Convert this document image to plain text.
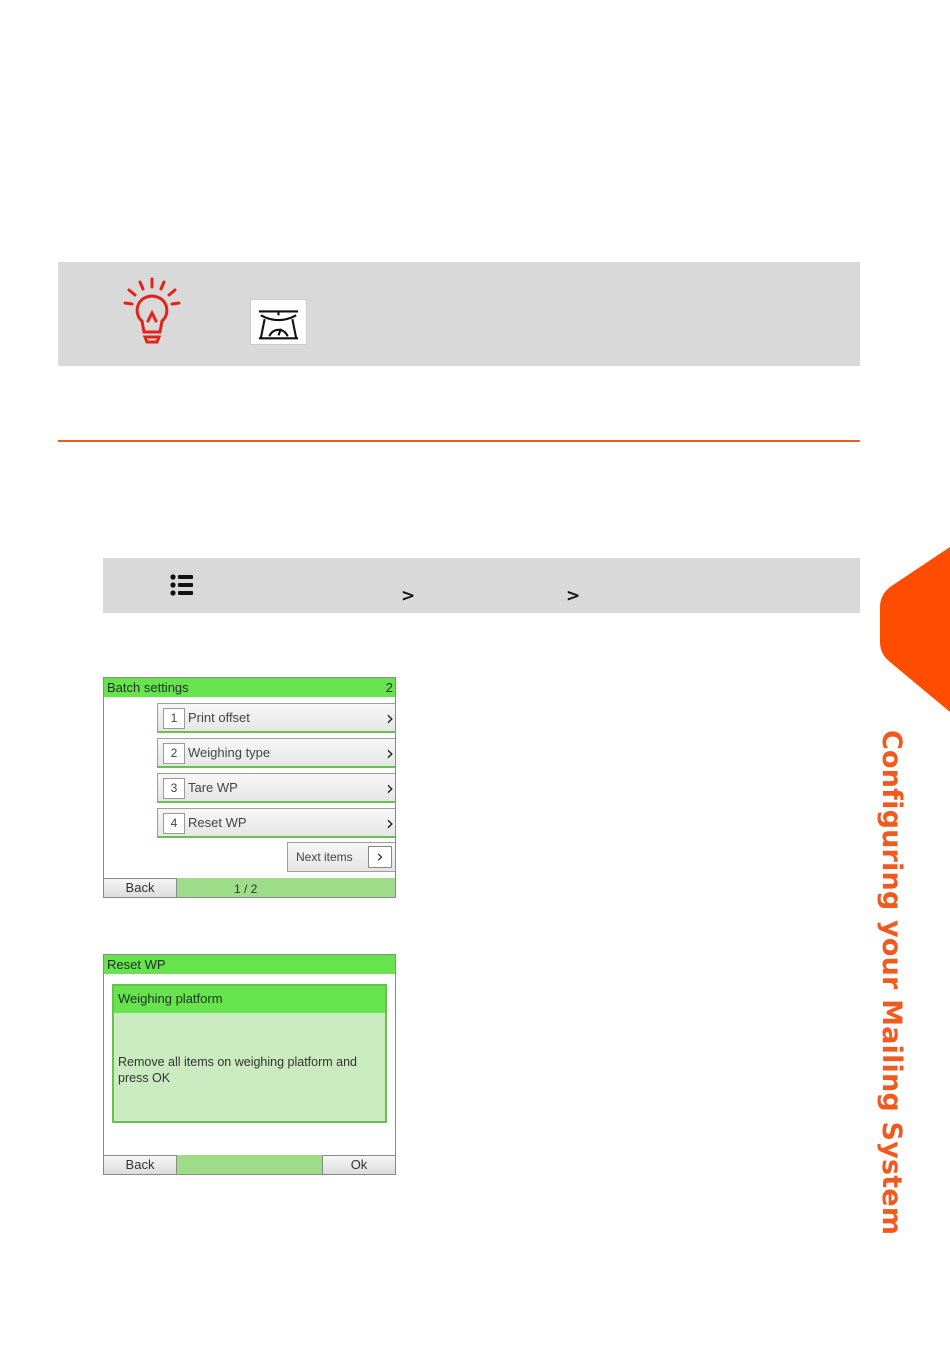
>	>
Configuring your Mailing System
Batch settings	2
1 Print offset	›
2 Weighing type	›
3 Tare WP	›
4 Reset WP	›
Next items	›
Back	1 / 2
Reset WP
Weighing platform
Remove all items on weighing platform and press OK
Back	Ok
